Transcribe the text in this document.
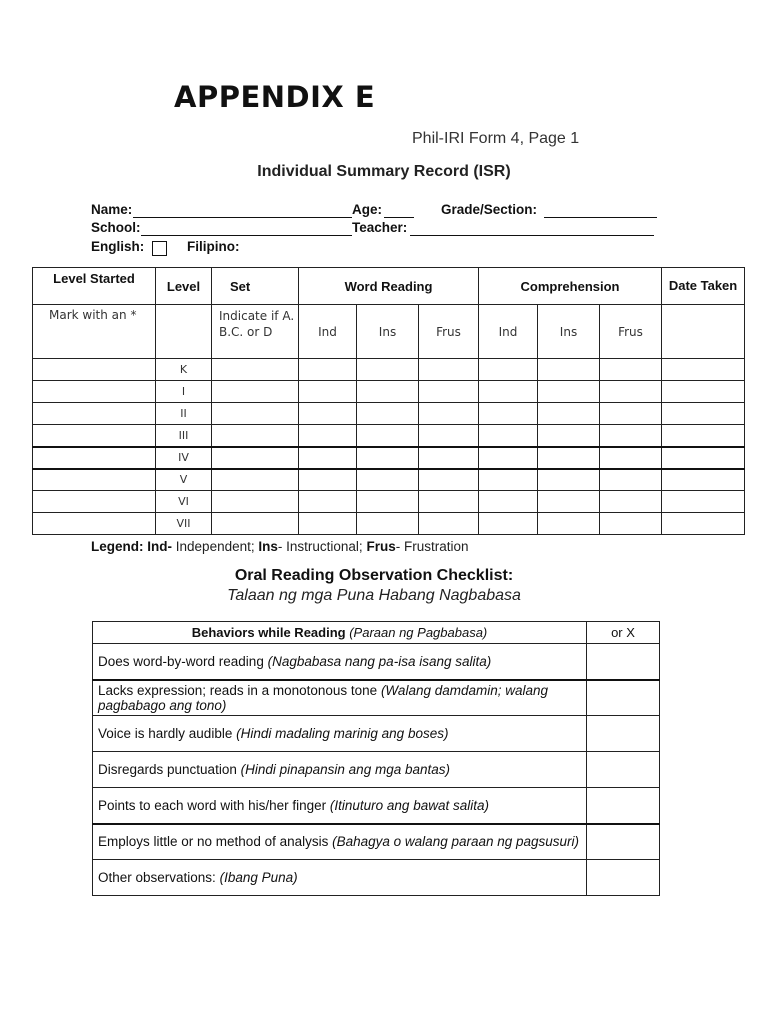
APPENDIX E
Phil-IRI Form 4, Page 1
Individual Summary Record (ISR)
Name:	Age:	Grade/Section:
School:	Teacher:
English:	Filipino:
Level Started	Level	Set	Word Reading			Comprehension			Date Taken
Mark with an *		Indicate if A. B.C. or D	Ind	Ins	Frus	Ind	Ins	Frus	
	K								
	I								
	II								
	III								
	IV								
	V								
	VI								
	VII								
Legend: Ind- Independent; Ins- Instructional; Frus- Frustration
Oral Reading Observation Checklist:
Talaan ng mga Puna Habang Nagbabasa
Behaviors while Reading (Paraan ng Pagbabasa)	or X
Does word-by-word reading (Nagbabasa nang pa-isa isang salita)	
Lacks expression; reads in a monotonous tone (Walang damdamin; walang pagbabago ang tono)	
Voice is hardly audible (Hindi madaling marinig ang boses)	
Disregards punctuation (Hindi pinapansin ang mga bantas)	
Points to each word with his/her finger (Itinuturo ang bawat salita)	
Employs little or no method of analysis (Bahagya o walang paraan ng pagsusuri)	
Other observations: (Ibang Puna)	
